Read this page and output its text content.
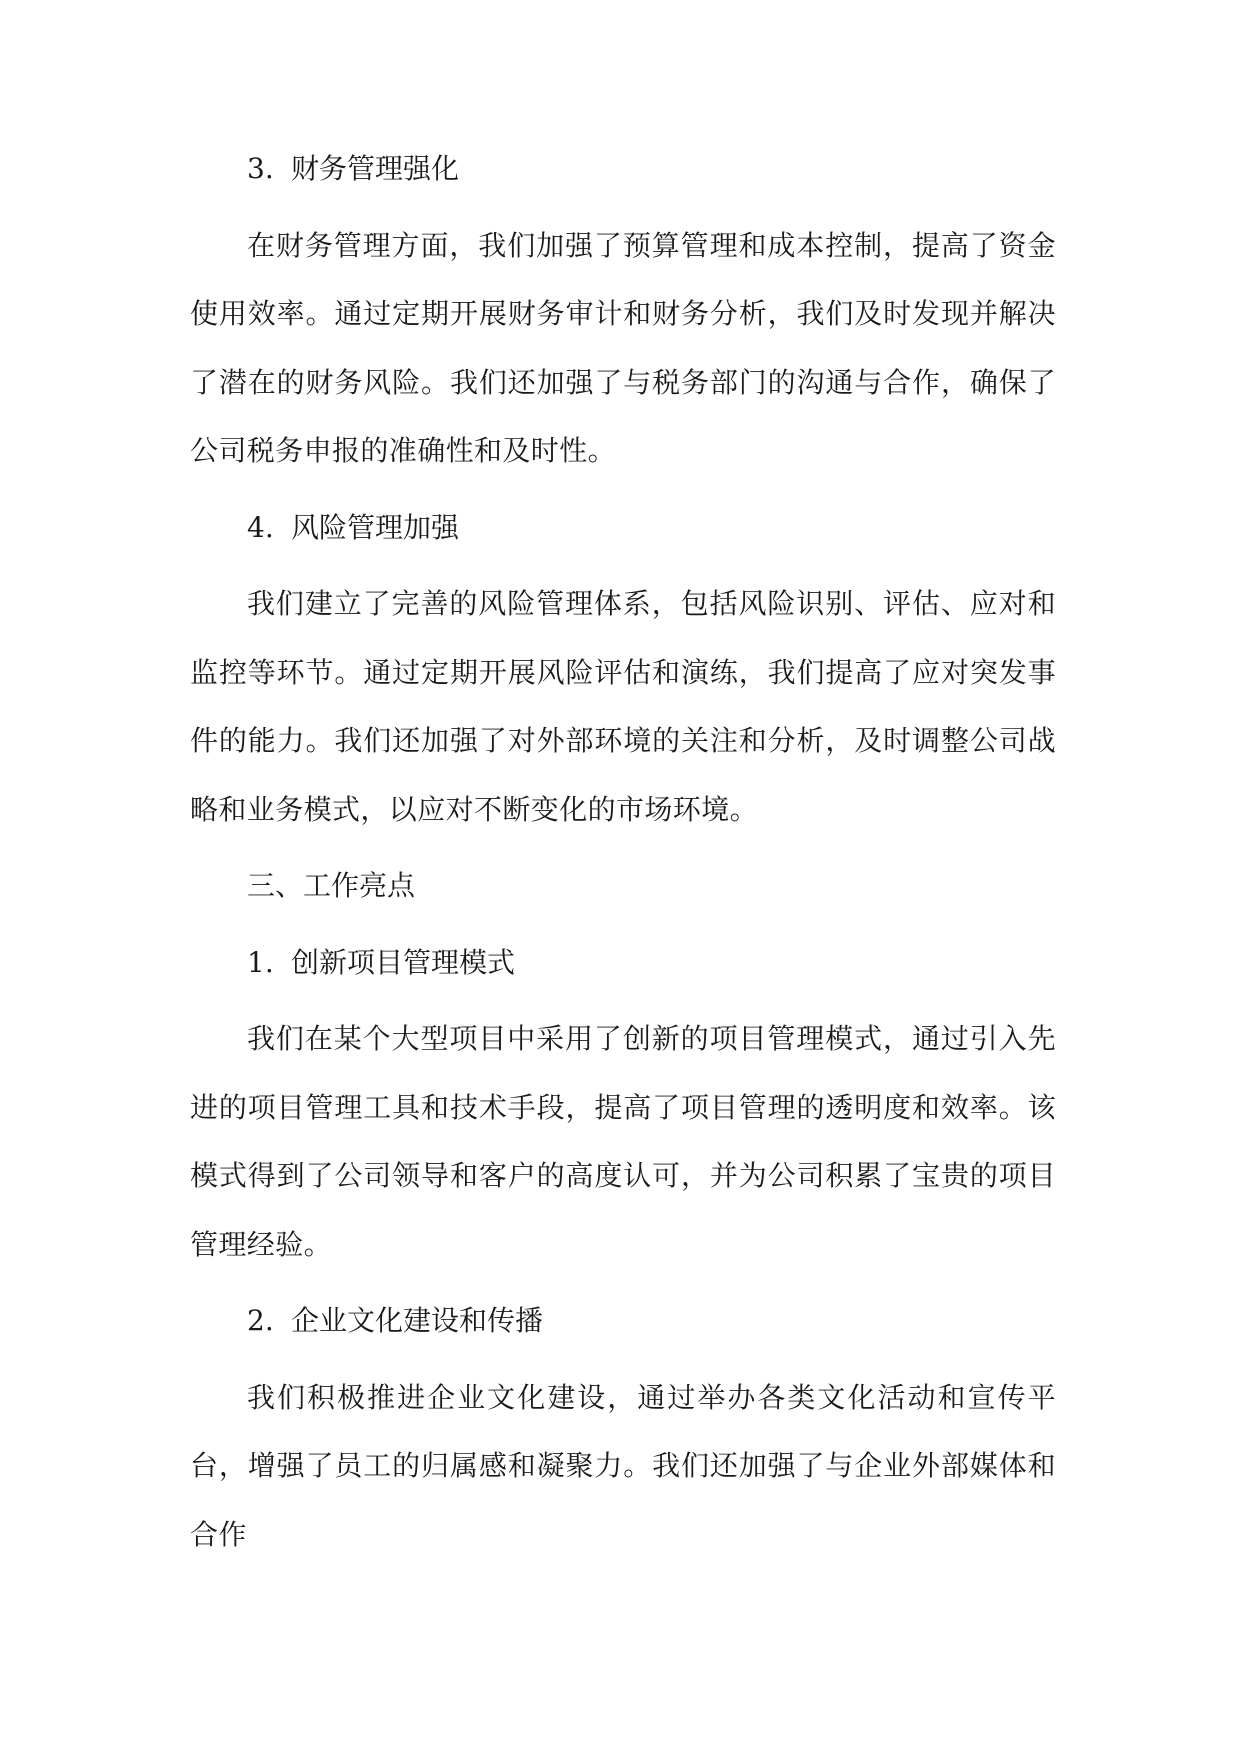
3. 财务管理强化

在财务管理方面，我们加强了预算管理和成本控制，提高了资金使用效率。通过定期开展财务审计和财务分析，我们及时发现并解决了潜在的财务风险。我们还加强了与税务部门的沟通与合作，确保了公司税务申报的准确性和及时性。

4. 风险管理加强

我们建立了完善的风险管理体系，包括风险识别、评估、应对和监控等环节。通过定期开展风险评估和演练，我们提高了应对突发事件的能力。我们还加强了对外部环境的关注和分析，及时调整公司战略和业务模式，以应对不断变化的市场环境。

三、工作亮点
1. 创新项目管理模式

我们在某个大型项目中采用了创新的项目管理模式，通过引入先进的项目管理工具和技术手段，提高了项目管理的透明度和效率。该模式得到了公司领导和客户的高度认可，并为公司积累了宝贵的项目管理经验。

2. 企业文化建设和传播

我们积极推进企业文化建设，通过举办各类文化活动和宣传平台，增强了员工的归属感和凝聚力。我们还加强了与企业外部媒体和合作
